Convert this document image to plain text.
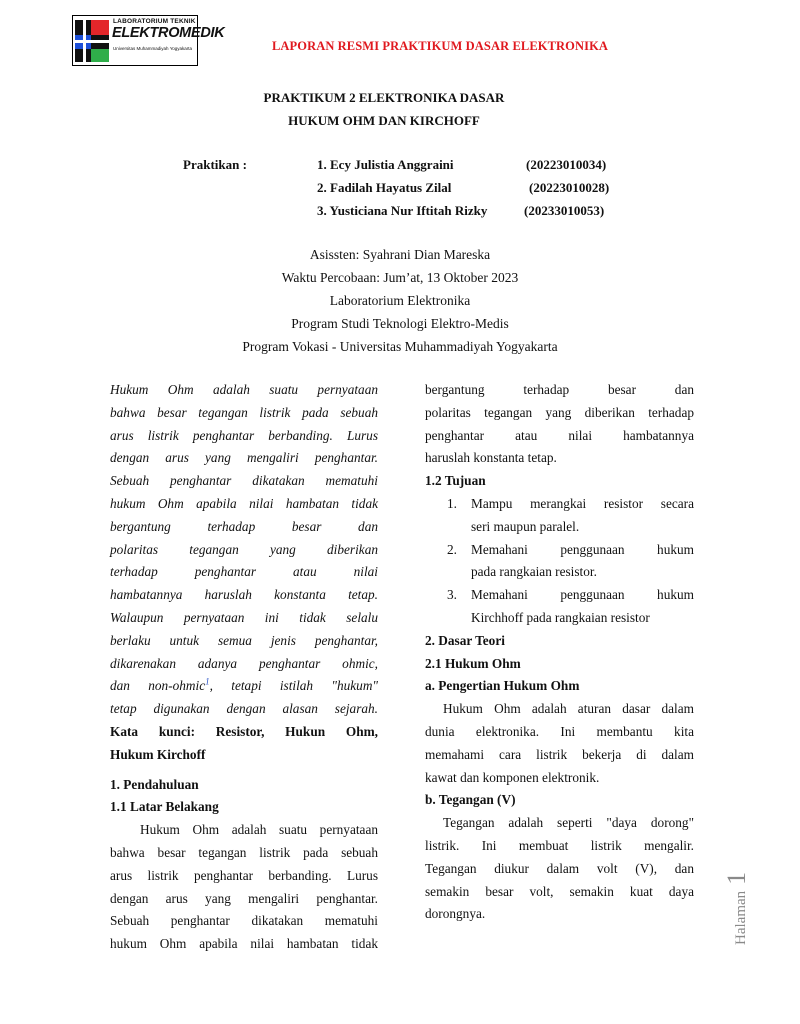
LABORATORIUM TEKNIK
ELEKTROMEDIK
Universitas Muhammadiyah Yogyakarta	LAPORAN RESMI PRAKTIKUM DASAR ELEKTRONIKA
PRAKTIKUM 2 ELEKTRONIKA DASAR
HUKUM OHM DAN KIRCHOFF
Praktikan :	1. Ecy Julistia Anggraini	(20223010034)
2. Fadilah Hayatus Zilal	(20223010028)
3. Yusticiana Nur Iftitah Rizky	(20233010053)
Asissten: Syahrani Dian Mareska
Waktu Percobaan: Jum’at, 13 Oktober 2023
Laboratorium Elektronika
Program Studi Teknologi Elektro-Medis
Program Vokasi - Universitas Muhammadiyah Yogyakarta

Hukum Ohm adalah suatu pernyataan

bahwa besar tegangan listrik pada sebuah

arus listrik penghantar berbanding. Lurus

dengan arus yang mengaliri penghantar.

Sebuah penghantar dikatakan mematuhi

hukum Ohm apabila nilai hambatan tidak

bergantung terhadap besar dan

polaritas tegangan yang diberikan

terhadap penghantar atau nilai

hambatannya haruslah konstanta tetap.

Walaupun pernyataan ini tidak selalu

berlaku untuk semua jenis penghantar,

dikarenakan adanya penghantar ohmic,

dan non-ohmic$^1$, tetapi istilah "hukum"

tetap digunakan dengan alasan sejarah.

Kata kunci: Resistor, Hukun Ohm,

Hukum Kirchoff

1. Pendahuluan

1.1 Latar Belakang

Hukum Ohm adalah suatu pernyataan

bahwa besar tegangan listrik pada sebuah

arus listrik penghantar berbanding. Lurus

dengan arus yang mengaliri penghantar.

Sebuah penghantar dikatakan mematuhi

hukum Ohm apabila nilai hambatan tidak

bergantung terhadap besar dan

polaritas tegangan yang diberikan terhadap

penghantar atau nilai hambatannya

haruslah konstanta tetap.

1.2 Tujuan

1. Mampu merangkai resistor secara

seri maupun paralel.

2. Memahani penggunaan hukum

pada rangkaian resistor.

3. Memahani penggunaan hukum

Kirchhoff pada rangkaian resistor

2. Dasar Teori

2.1 Hukum Ohm

a. Pengertian Hukum Ohm

Hukum Ohm adalah aturan dasar dalam

dunia elektronika. Ini membantu kita

memahami cara listrik bekerja di dalam

kawat dan komponen elektronik.

b. Tegangan (V)

Tegangan adalah seperti "daya dorong"

listrik. Ini membuat listrik mengalir.

Tegangan diukur dalam volt (V), dan

semakin besar volt, semakin kuat daya

dorongnya.	Halaman1
